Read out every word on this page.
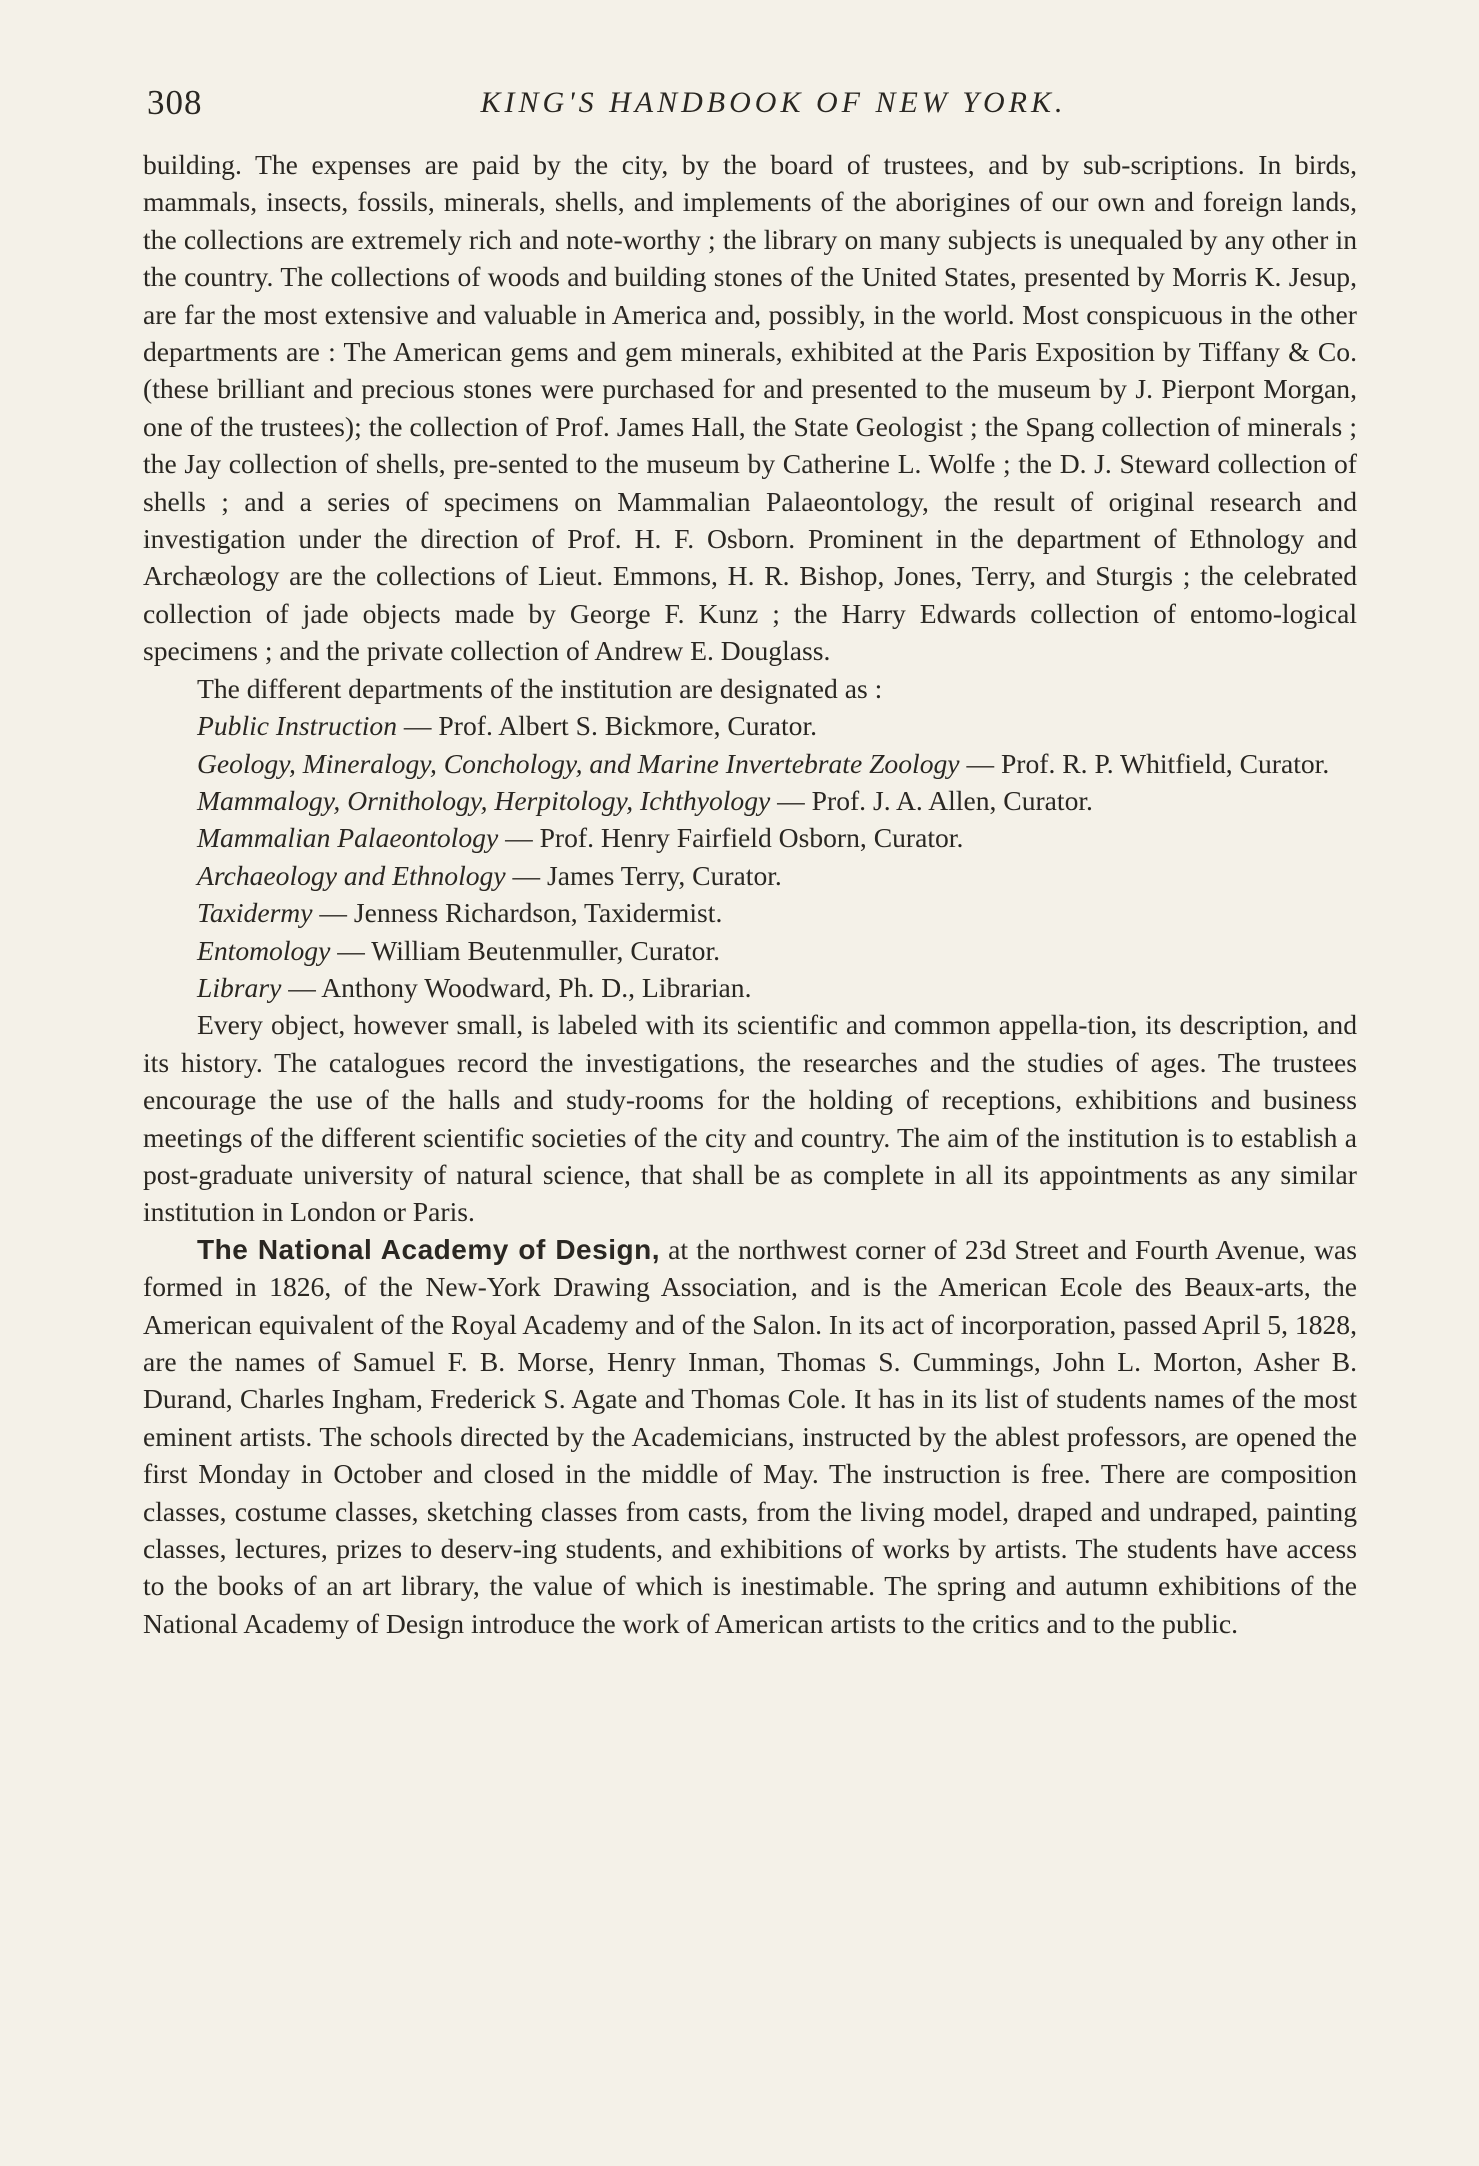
308	KING'S HANDBOOK OF NEW YORK.

building. The expenses are paid by the city, by the board of trustees, and by sub-scriptions. In birds, mammals, insects, fossils, minerals, shells, and implements of the aborigines of our own and foreign lands, the collections are extremely rich and note-worthy ; the library on many subjects is unequaled by any other in the country. The collections of woods and building stones of the United States, presented by Morris K. Jesup, are far the most extensive and valuable in America and, possibly, in the world. Most conspicuous in the other departments are : The American gems and gem minerals, exhibited at the Paris Exposition by Tiffany & Co. (these brilliant and precious stones were purchased for and presented to the museum by J. Pierpont Morgan, one of the trustees); the collection of Prof. James Hall, the State Geologist ; the Spang collection of minerals ; the Jay collection of shells, pre-sented to the museum by Catherine L. Wolfe ; the D. J. Steward collection of shells ; and a series of specimens on Mammalian Palaeontology, the result of original research and investigation under the direction of Prof. H. F. Osborn. Prominent in the department of Ethnology and Archæology are the collections of Lieut. Emmons, H. R. Bishop, Jones, Terry, and Sturgis ; the celebrated collection of jade objects made by George F. Kunz ; the Harry Edwards collection of entomo-logical specimens ; and the private collection of Andrew E. Douglass.

The different departments of the institution are designated as :

Public Instruction — Prof. Albert S. Bickmore, Curator.
Geology, Mineralogy, Conchology, and Marine Invertebrate Zoology — Prof. R. P. Whitfield, Curator.
Mammalogy, Ornithology, Herpitology, Ichthyology — Prof. J. A. Allen, Curator.
Mammalian Palaeontology — Prof. Henry Fairfield Osborn, Curator.
Archaeology and Ethnology — James Terry, Curator.
Taxidermy — Jenness Richardson, Taxidermist.
Entomology — William Beutenmuller, Curator.
Library — Anthony Woodward, Ph. D., Librarian.

Every object, however small, is labeled with its scientific and common appella-tion, its description, and its history. The catalogues record the investigations, the researches and the studies of ages. The trustees encourage the use of the halls and study-rooms for the holding of receptions, exhibitions and business meetings of the different scientific societies of the city and country. The aim of the institution is to establish a post-graduate university of natural science, that shall be as complete in all its appointments as any similar institution in London or Paris.

The National Academy of Design, at the northwest corner of 23d Street and Fourth Avenue, was formed in 1826, of the New-York Drawing Association, and is the American Ecole des Beaux-arts, the American equivalent of the Royal Academy and of the Salon. In its act of incorporation, passed April 5, 1828, are the names of Samuel F. B. Morse, Henry Inman, Thomas S. Cummings, John L. Morton, Asher B. Durand, Charles Ingham, Frederick S. Agate and Thomas Cole. It has in its list of students names of the most eminent artists. The schools directed by the Academicians, instructed by the ablest professors, are opened the first Monday in October and closed in the middle of May. The instruction is free. There are composition classes, costume classes, sketching classes from casts, from the living model, draped and undraped, painting classes, lectures, prizes to deserv-ing students, and exhibitions of works by artists. The students have access to the books of an art library, the value of which is inestimable. The spring and autumn exhibitions of the National Academy of Design introduce the work of American artists to the critics and to the public.
